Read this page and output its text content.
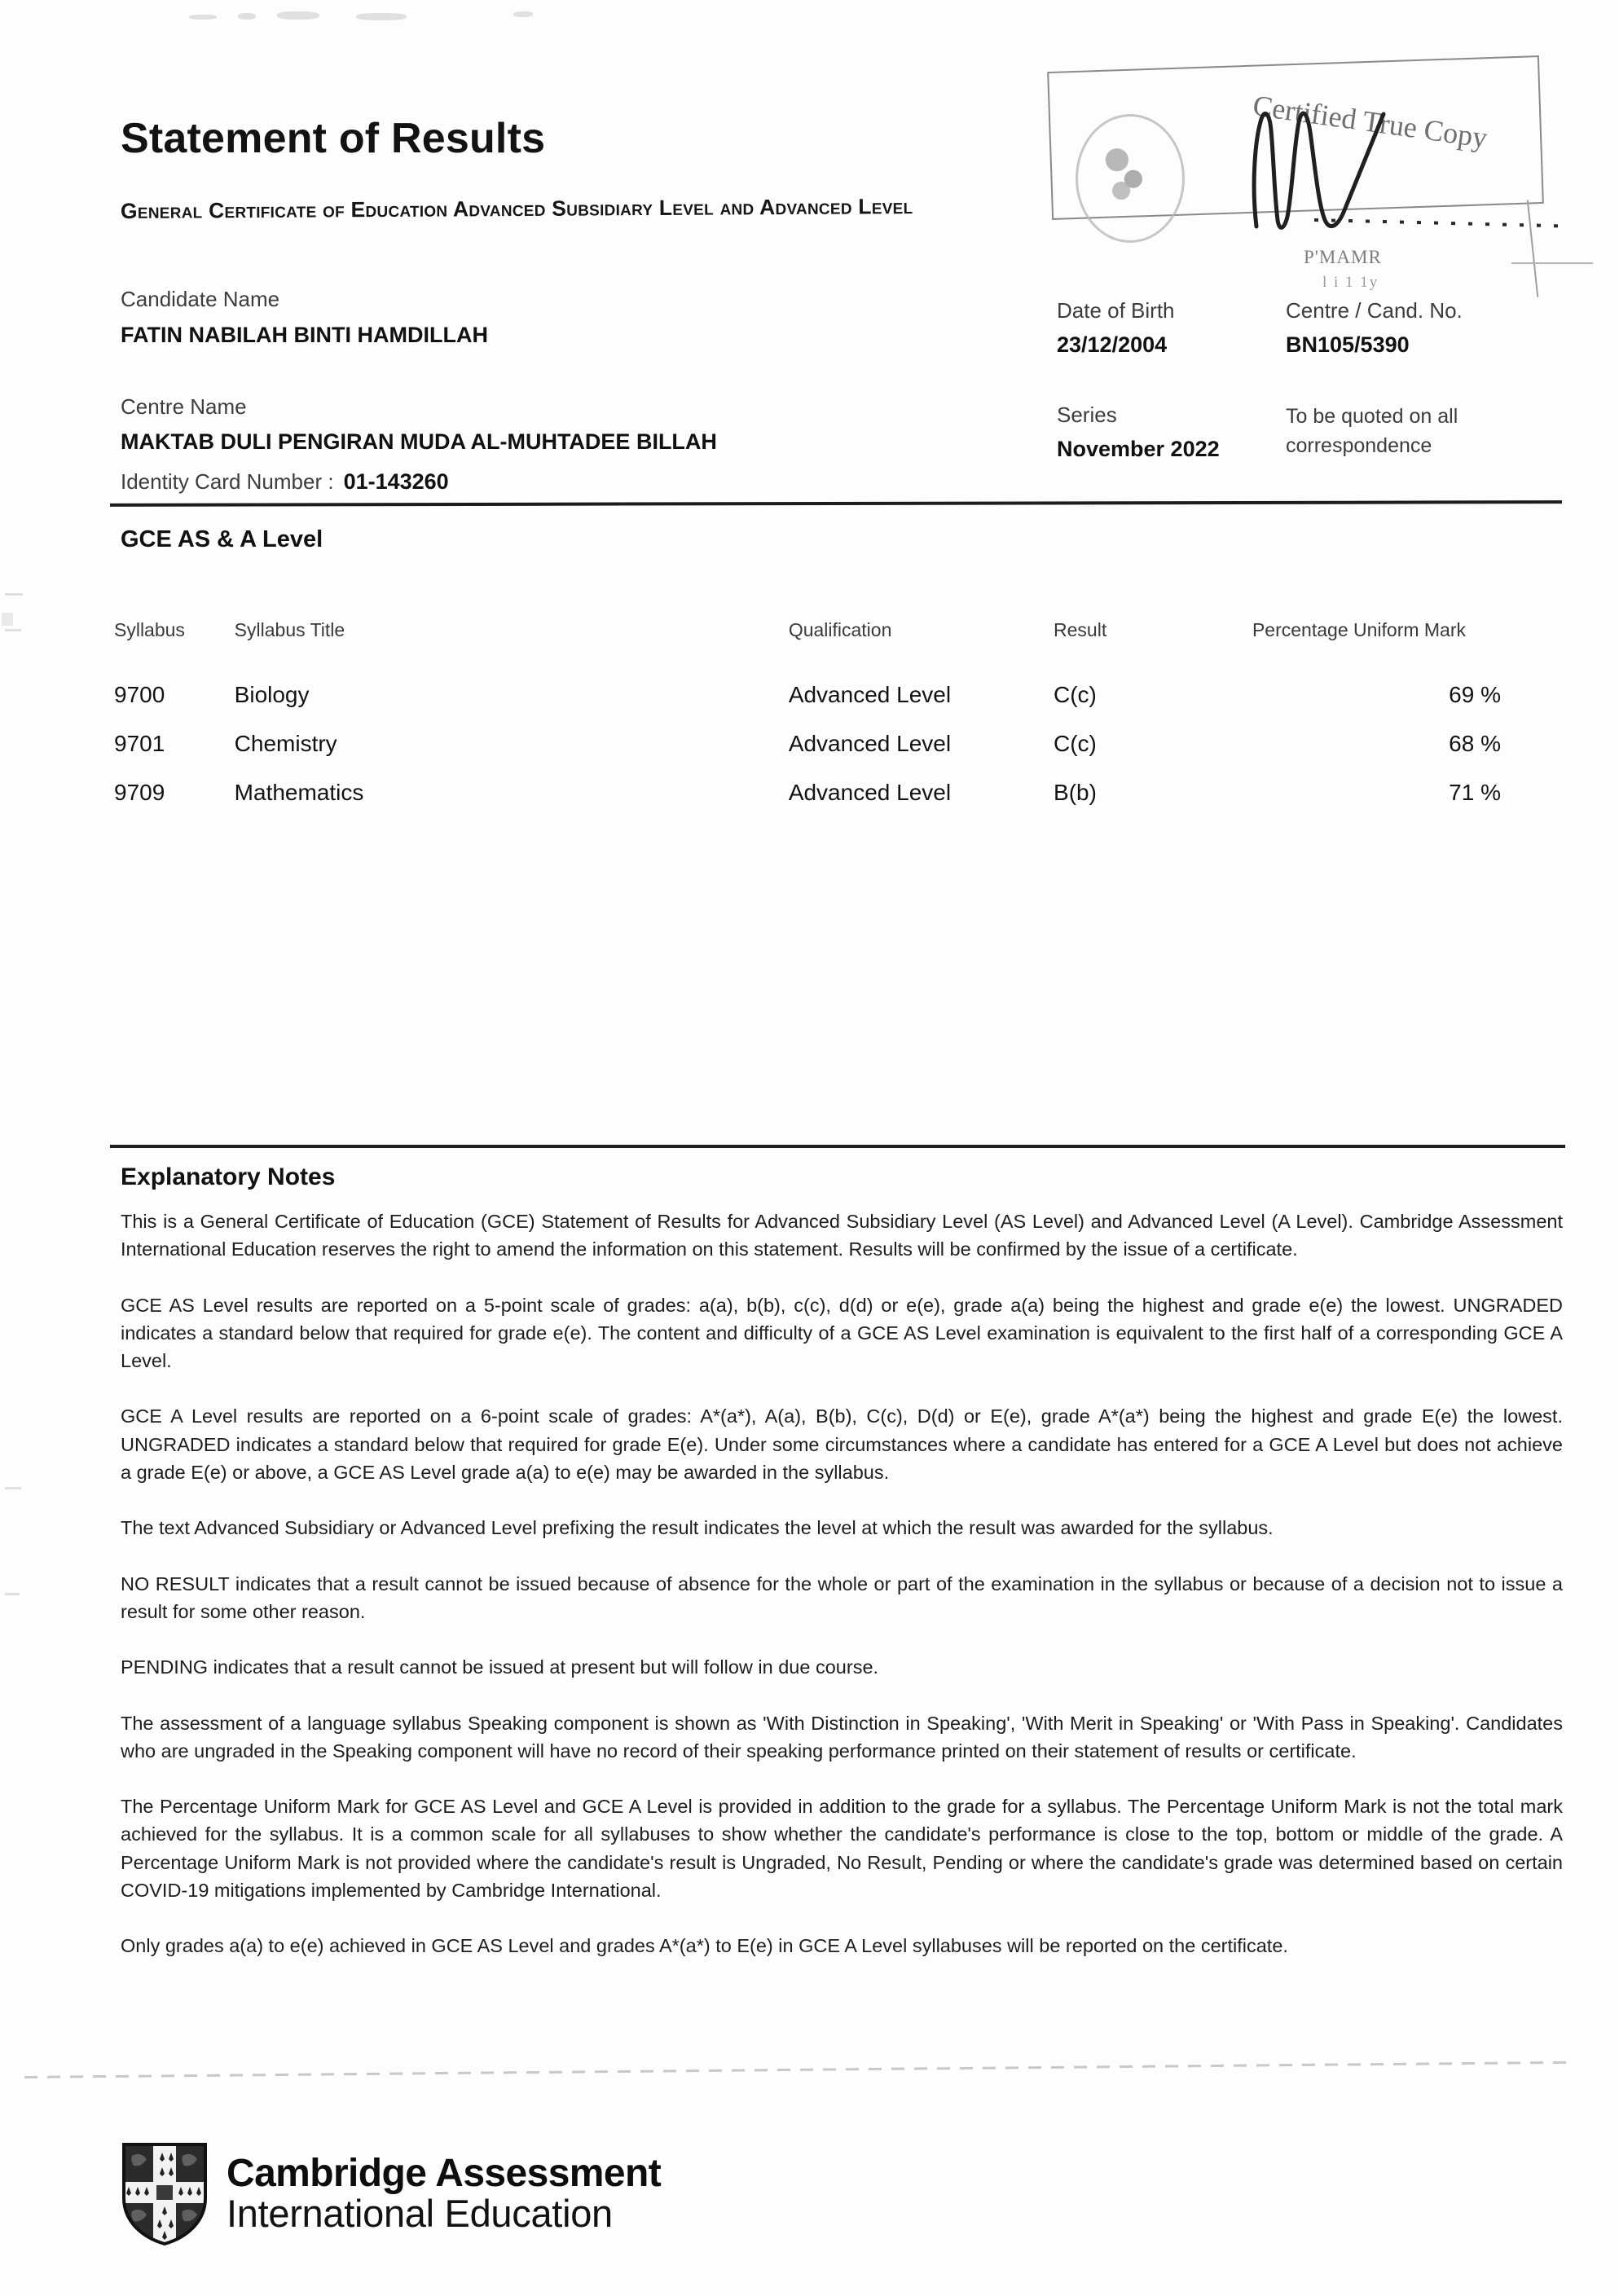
Statement of Results
General Certificate of Education Advanced Subsidiary Level and Advanced Level
Certified True Copy
P'MAMR
l i 1 1y
Candidate Name
FATIN NABILAH BINTI HAMDILLAH
Centre Name
MAKTAB DULI PENGIRAN MUDA AL-MUHTADEE BILLAH
Identity Card Number : 01-143260
Date of Birth
23/12/2004
Centre / Cand. No.
BN105/5390
Series
November 2022
To be quoted on all
correspondence
GCE AS & A Level
Syllabus	Syllabus Title	Qualification	Result	Percentage Uniform Mark
9700	Biology	Advanced Level	C(c)	69 %
9701	Chemistry	Advanced Level	C(c)	68 %
9709	Mathematics	Advanced Level	B(b)	71 %
Explanatory Notes

This is a General Certificate of Education (GCE) Statement of Results for Advanced Subsidiary Level (AS Level) and Advanced Level (A Level). Cambridge Assessment International Education reserves the right to amend the information on this statement. Results will be confirmed by the issue of a certificate.

GCE AS Level results are reported on a 5-point scale of grades: a(a), b(b), c(c), d(d) or e(e), grade a(a) being the highest and grade e(e) the lowest. UNGRADED indicates a standard below that required for grade e(e). The content and difficulty of a GCE AS Level examination is equivalent to the first half of a corresponding GCE A Level.

GCE A Level results are reported on a 6-point scale of grades: A*(a*), A(a), B(b), C(c), D(d) or E(e), grade A*(a*) being the highest and grade E(e) the lowest. UNGRADED indicates a standard below that required for grade E(e). Under some circumstances where a candidate has entered for a GCE A Level but does not achieve a grade E(e) or above, a GCE AS Level grade a(a) to e(e) may be awarded in the syllabus.

The text Advanced Subsidiary or Advanced Level prefixing the result indicates the level at which the result was awarded for the syllabus.

NO RESULT indicates that a result cannot be issued because of absence for the whole or part of the examination in the syllabus or because of a decision not to issue a result for some other reason.

PENDING indicates that a result cannot be issued at present but will follow in due course.

The assessment of a language syllabus Speaking component is shown as 'With Distinction in Speaking', 'With Merit in Speaking' or 'With Pass in Speaking'. Candidates who are ungraded in the Speaking component will have no record of their speaking performance printed on their statement of results or certificate.

The Percentage Uniform Mark for GCE AS Level and GCE A Level is provided in addition to the grade for a syllabus. The Percentage Uniform Mark is not the total mark achieved for the syllabus. It is a common scale for all syllabuses to show whether the candidate's performance is close to the top, bottom or middle of the grade. A Percentage Uniform Mark is not provided where the candidate's result is Ungraded, No Result, Pending or where the candidate's grade was determined based on certain COVID-19 mitigations implemented by Cambridge International.

Only grades a(a) to e(e) achieved in GCE AS Level and grades A*(a*) to E(e) in GCE A Level syllabuses will be reported on the certificate.

Cambridge Assessment
International Education
